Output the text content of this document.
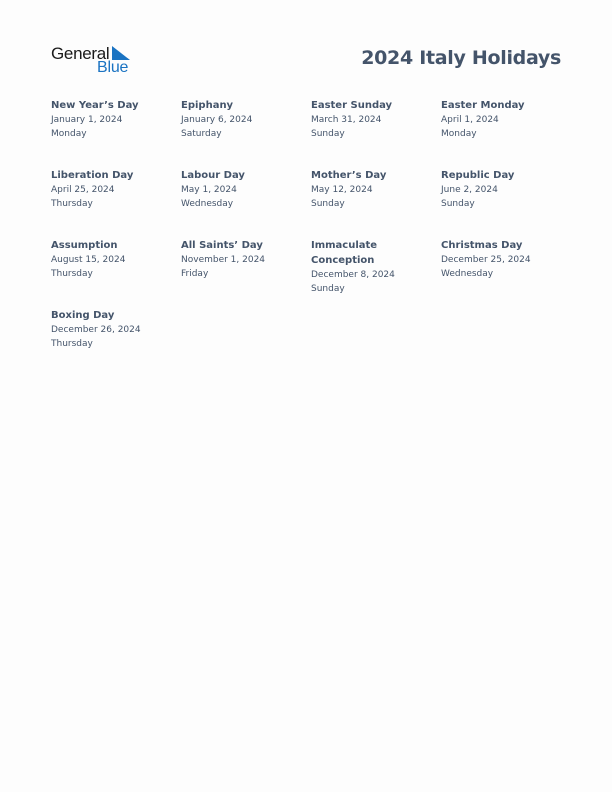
General
Blue	2024 Italy Holidays
New Year’s Day
January 1, 2024
Monday
Epiphany
January 6, 2024
Saturday
Easter Sunday
March 31, 2024
Sunday
Easter Monday
April 1, 2024
Monday
Liberation Day
April 25, 2024
Thursday
Labour Day
May 1, 2024
Wednesday
Mother’s Day
May 12, 2024
Sunday
Republic Day
June 2, 2024
Sunday
Assumption
August 15, 2024
Thursday
All Saints’ Day
November 1, 2024
Friday
Immaculate Conception
December 8, 2024
Sunday
Christmas Day
December 25, 2024
Wednesday
Boxing Day
December 26, 2024
Thursday
